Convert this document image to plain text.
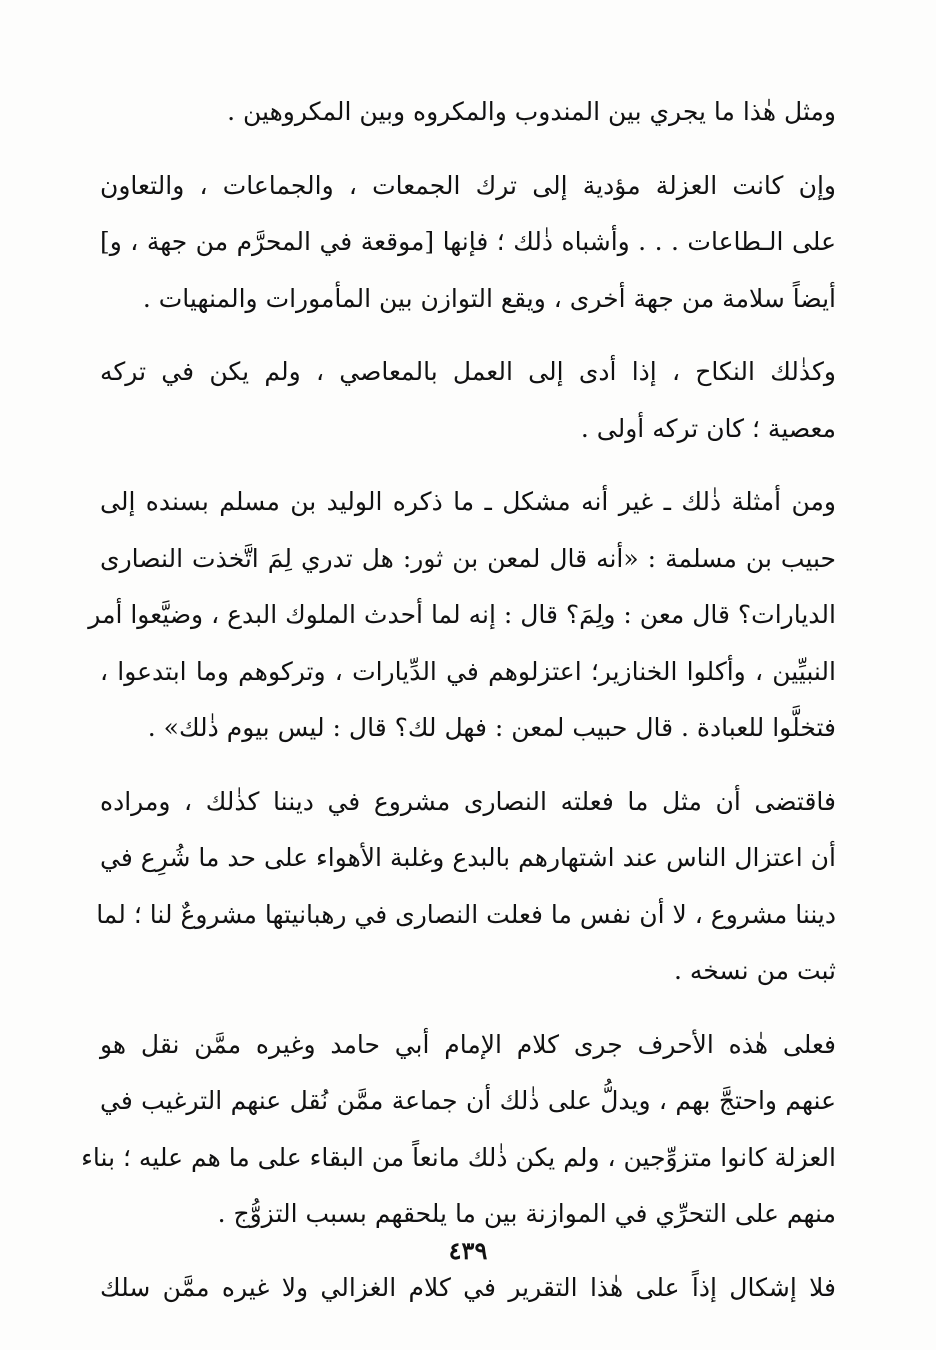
ومثل هٰذا ما يجري بين المندوب والمكروه وبين المكروهين .

وإن كانت العزلة مؤدية إلى ترك الجمعات ، والجماعات ، والتعاون
على الـطاعات . . . وأشباه ذٰلك ؛ فإنها [موقعة في المحرَّم من جهة ، و]
أيضاً سلامة من جهة أخرى ، ويقع التوازن بين المأمورات والمنهيات .

وكذٰلك النكاح ، إذا أدى إلى العمل بالمعاصي ، ولم يكن في تركه
معصية ؛ كان تركه أولى .

ومن أمثلة ذٰلك ـ غير أنه مشكل ـ ما ذكره الوليد بن مسلم بسنده إلى
حبيب بن مسلمة : «أنه قال لمعن بن ثور: هل تدري لِمَ اتَّخذت النصارى
الديارات؟ قال معن : ولِمَ؟ قال : إنه لما أحدث الملوك البدع ، وضيَّعوا أمر
النبيِّين ، وأكلوا الخنازير؛ اعتزلوهم في الدِّيارات ، وتركوهم وما ابتدعوا ،
فتخلَّوا للعبادة . قال حبيب لمعن : فهل لك؟ قال : ليس بيوم ذٰلك» .

فاقتضى أن مثل ما فعلته النصارى مشروع في ديننا كذٰلك ، ومراده
أن اعتزال الناس عند اشتهارهم بالبدع وغلبة الأهواء على حد ما شُرِع في
ديننا مشروع ، لا أن نفس ما فعلت النصارى في رهبانيتها مشروعٌ لنا ؛ لما
ثبت من نسخه .

فعلى هٰذه الأحرف جرى كلام الإمام أبي حامد وغيره ممَّن نقل هو
عنهم واحتجَّ بهم ، ويدلُّ على ذٰلك أن جماعة ممَّن نُقل عنهم الترغيب في
العزلة كانوا متزوِّجين ، ولم يكن ذٰلك مانعاً من البقاء على ما هم عليه ؛ بناء
منهم على التحرِّي في الموازنة بين ما يلحقهم بسبب التزوُّج .

فلا إشكال إذاً على هٰذا التقرير في كلام الغزالي ولا غيره ممَّن سلك

٤٣٩
